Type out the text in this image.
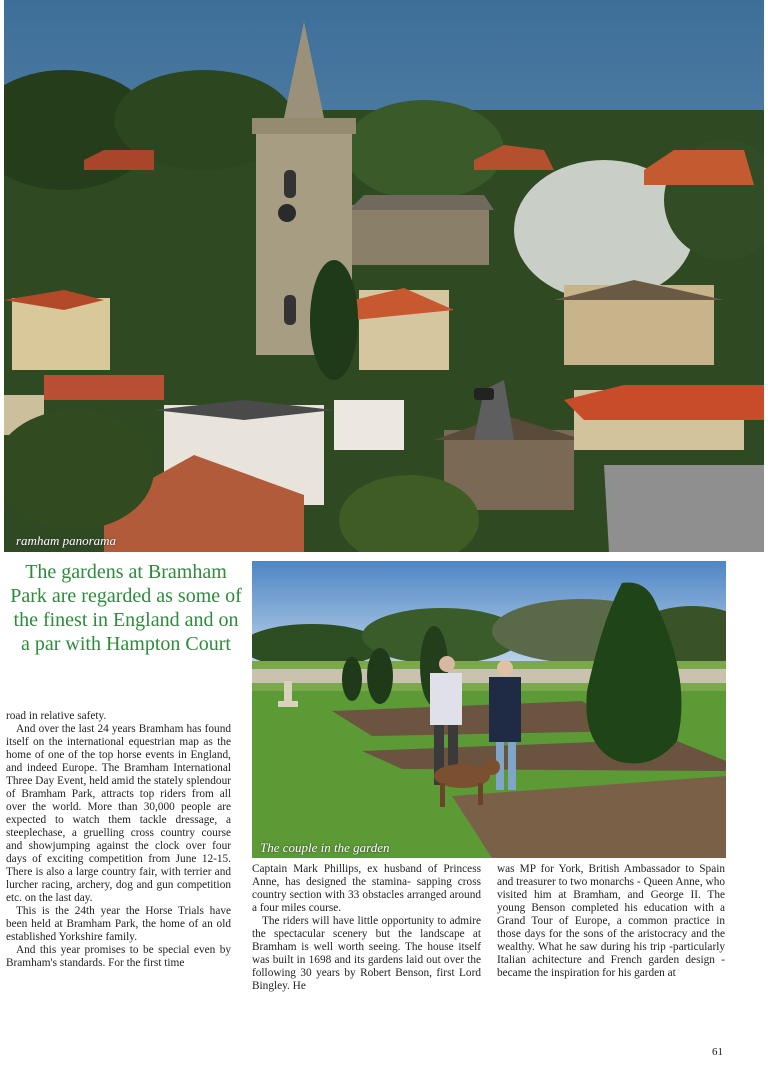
ramham panorama
The gardens at Bramham Park are regarded as some of the finest in England and on a par with Hampton Court
The couple in the garden

road in relative safety.

And over the last 24 years Bramham has found itself on the international equestrian map as the home of one of the top horse events in England, and indeed Europe. The Bramham International Three Day Event, held amid the stately splendour of Bramham Park, attracts top riders from all over the world. More than 30,000 people are expected to watch them tackle dressage, a steeplechase, a gruelling cross country course and showjumping against the clock over four days of exciting competition from June 12-15. There is also a large country fair, with terrier and lurcher racing, archery, dog and gun competition etc. on the last day.

This is the 24th year the Horse Trials have been held at Bramham Park, the home of an old established Yorkshire family.

And this year promises to be special even by Bramham's standards. For the first time

Captain Mark Phillips, ex husband of Princess Anne, has designed the stamina- sapping cross country section with 33 obstacles arranged around a four miles course.

The riders will have little opportunity to admire the spectacular scenery but the landscape at Bramham is well worth seeing. The house itself was built in 1698 and its gardens laid out over the following 30 years by Robert Benson, first Lord Bingley. He

was MP for York, British Ambassador to Spain and treasurer to two monarchs - Queen Anne, who visited him at Bramham, and George II. The young Benson completed his education with a Grand Tour of Europe, a common practice in those days for the sons of the aristocracy and the wealthy. What he saw during his trip -particularly Italian achitecture and French garden design - became the inspiration for his garden at

61
